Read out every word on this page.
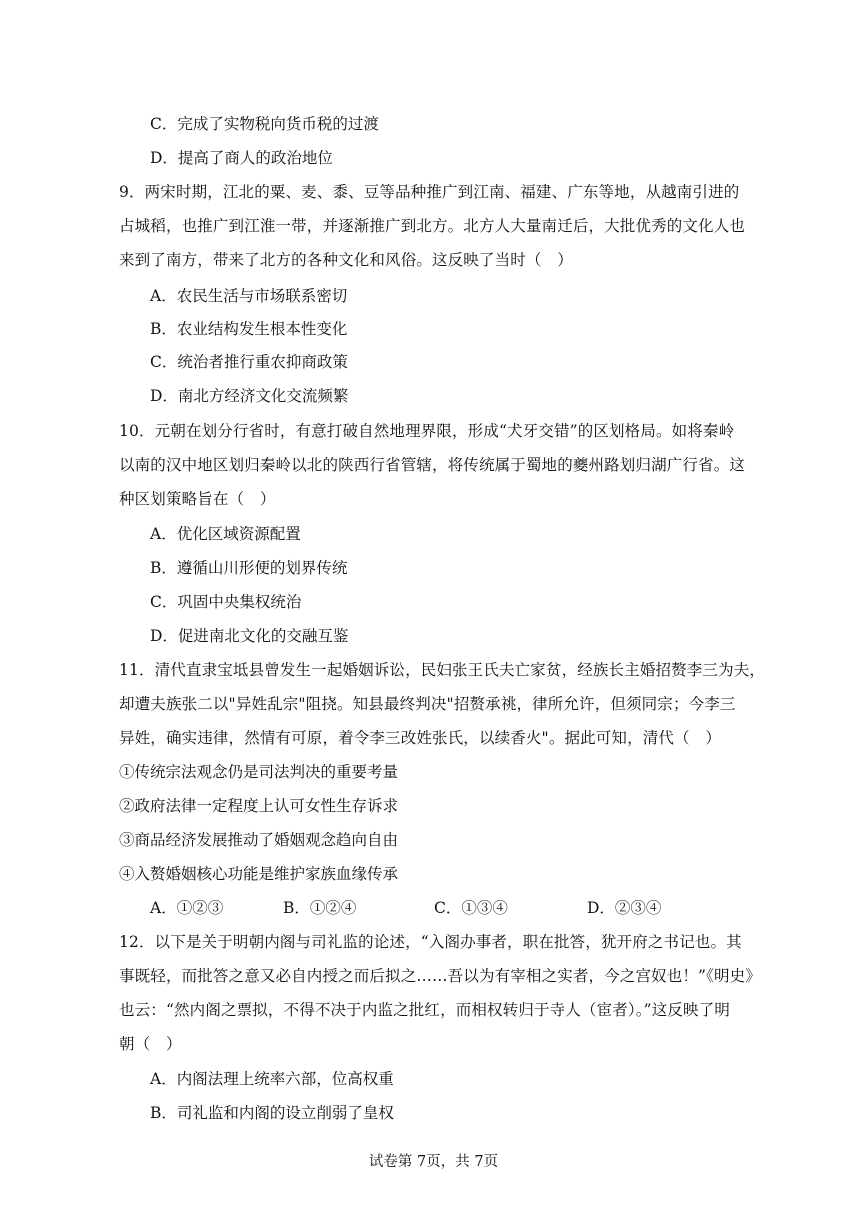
C．完成了实物税向货币税的过渡
D．提高了商人的政治地位
9．两宋时期，江北的粟、麦、黍、豆等品种推广到江南、福建、广东等地，从越南引进的
占城稻，也推广到江淮一带，并逐渐推广到北方。北方人大量南迁后，大批优秀的文化人也
来到了南方，带来了北方的各种文化和风俗。这反映了当时（　）
A．农民生活与市场联系密切
B．农业结构发生根本性变化
C．统治者推行重农抑商政策
D．南北方经济文化交流频繁
10．元朝在划分行省时，有意打破自然地理界限，形成“犬牙交错”的区划格局。如将秦岭
以南的汉中地区划归秦岭以北的陕西行省管辖，将传统属于蜀地的夔州路划归湖广行省。这
种区划策略旨在（　）
A．优化区域资源配置
B．遵循山川形便的划界传统
C．巩固中央集权统治
D．促进南北文化的交融互鉴
11．清代直隶宝坻县曾发生一起婚姻诉讼，民妇张王氏夫亡家贫，经族长主婚招赘李三为夫，
却遭夫族张二以"异姓乱宗"阻挠。知县最终判决"招赘承祧，律所允许，但须同宗；今李三
异姓，确实违律，然情有可原，着令李三改姓张氏，以续香火"。据此可知，清代（　）
①传统宗法观念仍是司法判决的重要考量
②政府法律一定程度上认可女性生存诉求
③商品经济发展推动了婚姻观念趋向自由
④入赘婚姻核心功能是维护家族血缘传承
A．①②③	B．①②④	C．①③④	D．②③④
12．以下是关于明朝内阁与司礼监的论述，“入阁办事者，职在批答，犹开府之书记也。其
事既轻，而批答之意又必自内授之而后拟之……吾以为有宰相之实者，今之宫奴也！”《明史》
也云：“然内阁之票拟，不得不决于内监之批红，而相权转归于寺人（宦者）。”这反映了明
朝（　）
A．内阁法理上统率六部，位高权重
B．司礼监和内阁的设立削弱了皇权
试卷第 7页，共 7页
